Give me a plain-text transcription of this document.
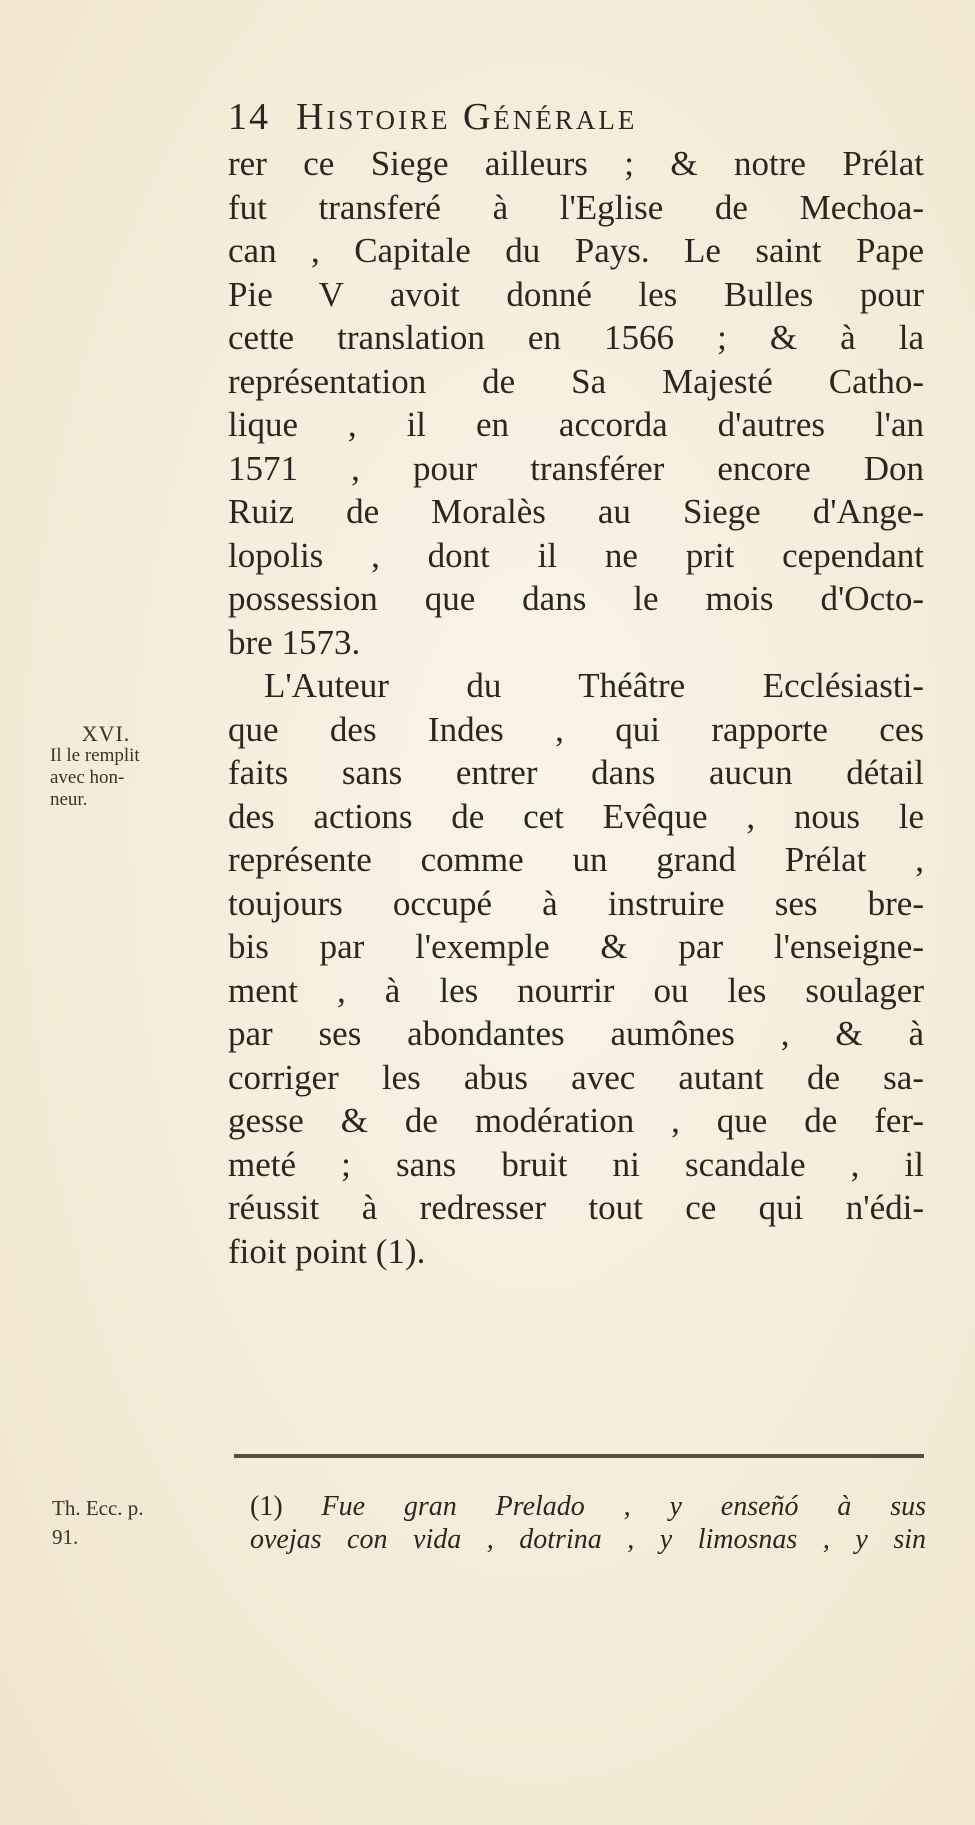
14 Histoire Générale
rer ce Siege ailleurs ; & notre Prélat
fut transferé à l'Eglise de Mechoa-
can , Capitale du Pays. Le saint Pape
Pie V avoit donné les Bulles pour
cette translation en 1566 ; & à la
représentation de Sa Majesté Catho-
lique , il en accorda d'autres l'an
1571 , pour transférer encore Don
Ruiz de Moralès au Siege d'Ange-
lopolis , dont il ne prit cependant
possession que dans le mois d'Octo-
bre 1573.
L'Auteur du Théâtre Ecclésiasti-
que des Indes , qui rapporte ces
faits sans entrer dans aucun détail
des actions de cet Evêque , nous le
représente comme un grand Prélat ,
toujours occupé à instruire ses bre-
bis par l'exemple & par l'enseigne-
ment , à les nourrir ou les soulager
par ses abondantes aumônes , & à
corriger les abus avec autant de sa-
gesse & de modération , que de fer-
meté ; sans bruit ni scandale , il
réussit à redresser tout ce qui n'édi-
fioit point (1).
XVI.
Il le remplit
avec hon-
neur.
Th. Ecc. p.
91.
(1) Fue gran Prelado , y enseñó à sus
ovejas con vida , dotrina , y limosnas , y sin
